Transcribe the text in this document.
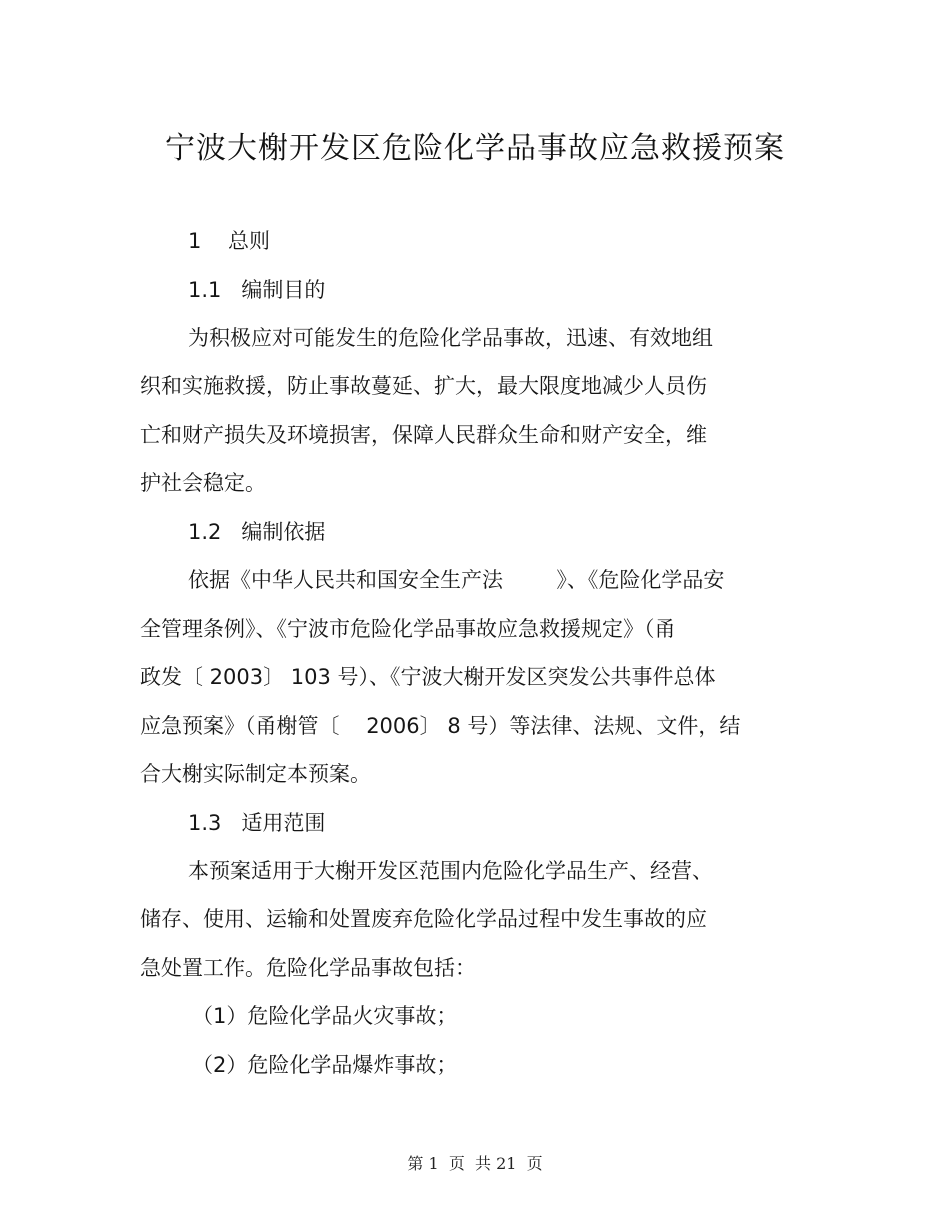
宁波大榭开发区危险化学品事故应急救援预案
1    总则
1.1   编制目的
为积极应对可能发生的危险化学品事故，迅速、有效地组
织和实施救援，防止事故蔓延、扩大，最大限度地减少人员伤
亡和财产损失及环境损害，保障人民群众生命和财产安全，维
护社会稳定。
1.2   编制依据
依据《中华人民共和国安全生产法        》、《危险化学品安
全管理条例》、《宁波市危险化学品事故应急救援规定》（甬
政发〔 2003〕 103 号）、《宁波大榭开发区突发公共事件总体
应急预案》（甬榭管〔    2006〕 8 号）等法律、法规、文件，结
合大榭实际制定本预案。
1.3   适用范围
本预案适用于大榭开发区范围内危险化学品生产、经营、
储存、使用、运输和处置废弃危险化学品过程中发生事故的应
急处置工作。危险化学品事故包括：
（1）危险化学品火灾事故；
（2）危险化学品爆炸事故；
第 1  页  共 21  页
